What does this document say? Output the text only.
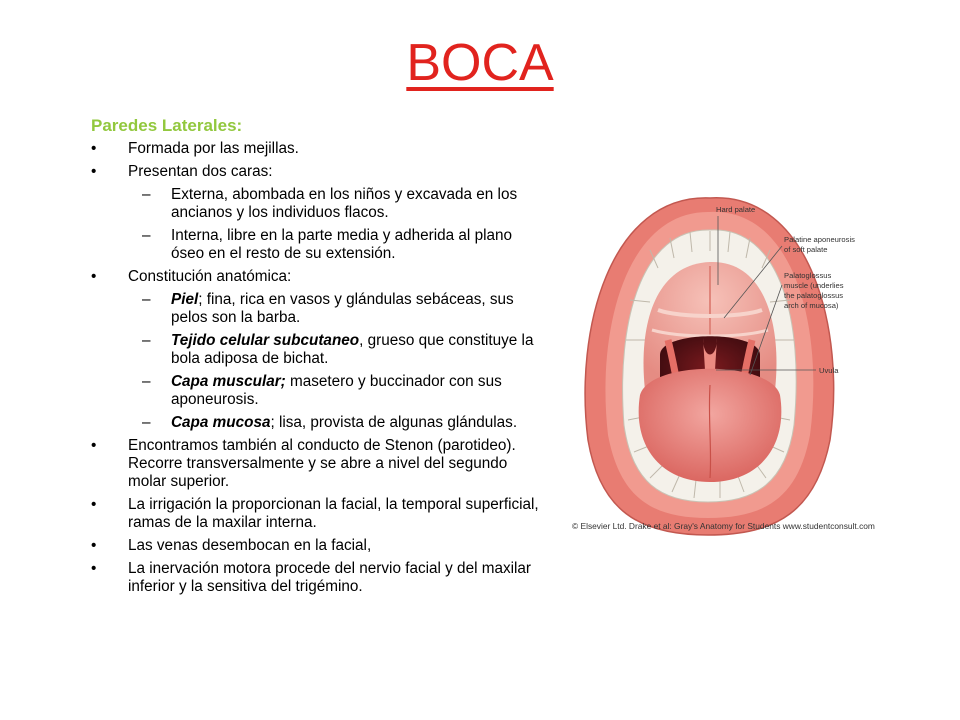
BOCA
Paredes Laterales:
• Formada por las mejillas.
• Presentan dos caras:
– Externa, abombada en los niños y excavada en los ancianos y los individuos flacos.
– Interna, libre en la parte media y adherida al plano óseo en el resto de su extensión.
• Constitución anatómica:
– Piel; fina, rica en vasos y glándulas sebáceas, sus pelos son la barba.
– Tejido celular subcutaneo, grueso que constituye la bola adiposa de bichat.
– Capa muscular; masetero y buccinador con sus aponeurosis.
– Capa mucosa; lisa, provista de algunas glándulas.
• Encontramos también al conducto de Stenon (parotideo). Recorre transversalmente y se abre a nivel del segundo molar superior.
• La irrigación la proporcionan la facial, la temporal superficial, ramas de la maxilar interna.
• Las venas desembocan en la facial,
• La inervación motora procede del nervio facial y del maxilar inferior y la sensitiva del trigémino.
Hard palate
Palatine aponeurosis
of soft palate
Palatoglossus
muscle (underlies
the palatoglossus
arch of mucosa)
Uvula
© Elsevier Ltd. Drake et al: Gray's Anatomy for Students www.studentconsult.com
